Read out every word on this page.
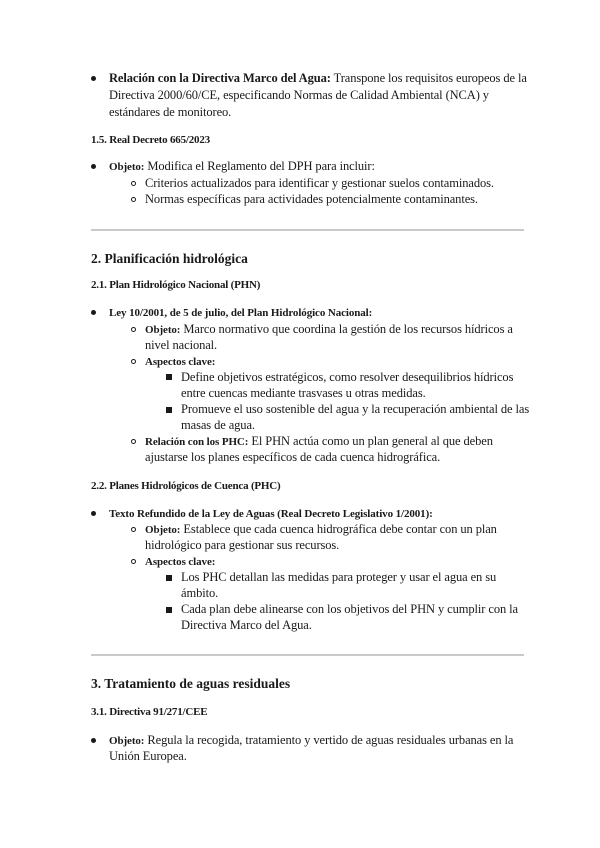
Relación con la Directiva Marco del Agua: Transpone los requisitos europeos de la
Directiva 2000/60/CE, especificando Normas de Calidad Ambiental (NCA) y
estándares de monitoreo.
1.5. Real Decreto 665/2023
Objeto: Modifica el Reglamento del DPH para incluir:
Criterios actualizados para identificar y gestionar suelos contaminados.
Normas específicas para actividades potencialmente contaminantes.
2. Planificación hidrológica
2.1. Plan Hidrológico Nacional (PHN)
Ley 10/2001, de 5 de julio, del Plan Hidrológico Nacional:
Objeto: Marco normativo que coordina la gestión de los recursos hídricos a
nivel nacional.
Aspectos clave:
Define objetivos estratégicos, como resolver desequilibrios hídricos
entre cuencas mediante trasvases u otras medidas.
Promueve el uso sostenible del agua y la recuperación ambiental de las
masas de agua.
Relación con los PHC: El PHN actúa como un plan general al que deben
ajustarse los planes específicos de cada cuenca hidrográfica.
2.2. Planes Hidrológicos de Cuenca (PHC)
Texto Refundido de la Ley de Aguas (Real Decreto Legislativo 1/2001):
Objeto: Establece que cada cuenca hidrográfica debe contar con un plan
hidrológico para gestionar sus recursos.
Aspectos clave:
Los PHC detallan las medidas para proteger y usar el agua en su
ámbito.
Cada plan debe alinearse con los objetivos del PHN y cumplir con la
Directiva Marco del Agua.
3. Tratamiento de aguas residuales
3.1. Directiva 91/271/CEE
Objeto: Regula la recogida, tratamiento y vertido de aguas residuales urbanas en la
Unión Europea.
